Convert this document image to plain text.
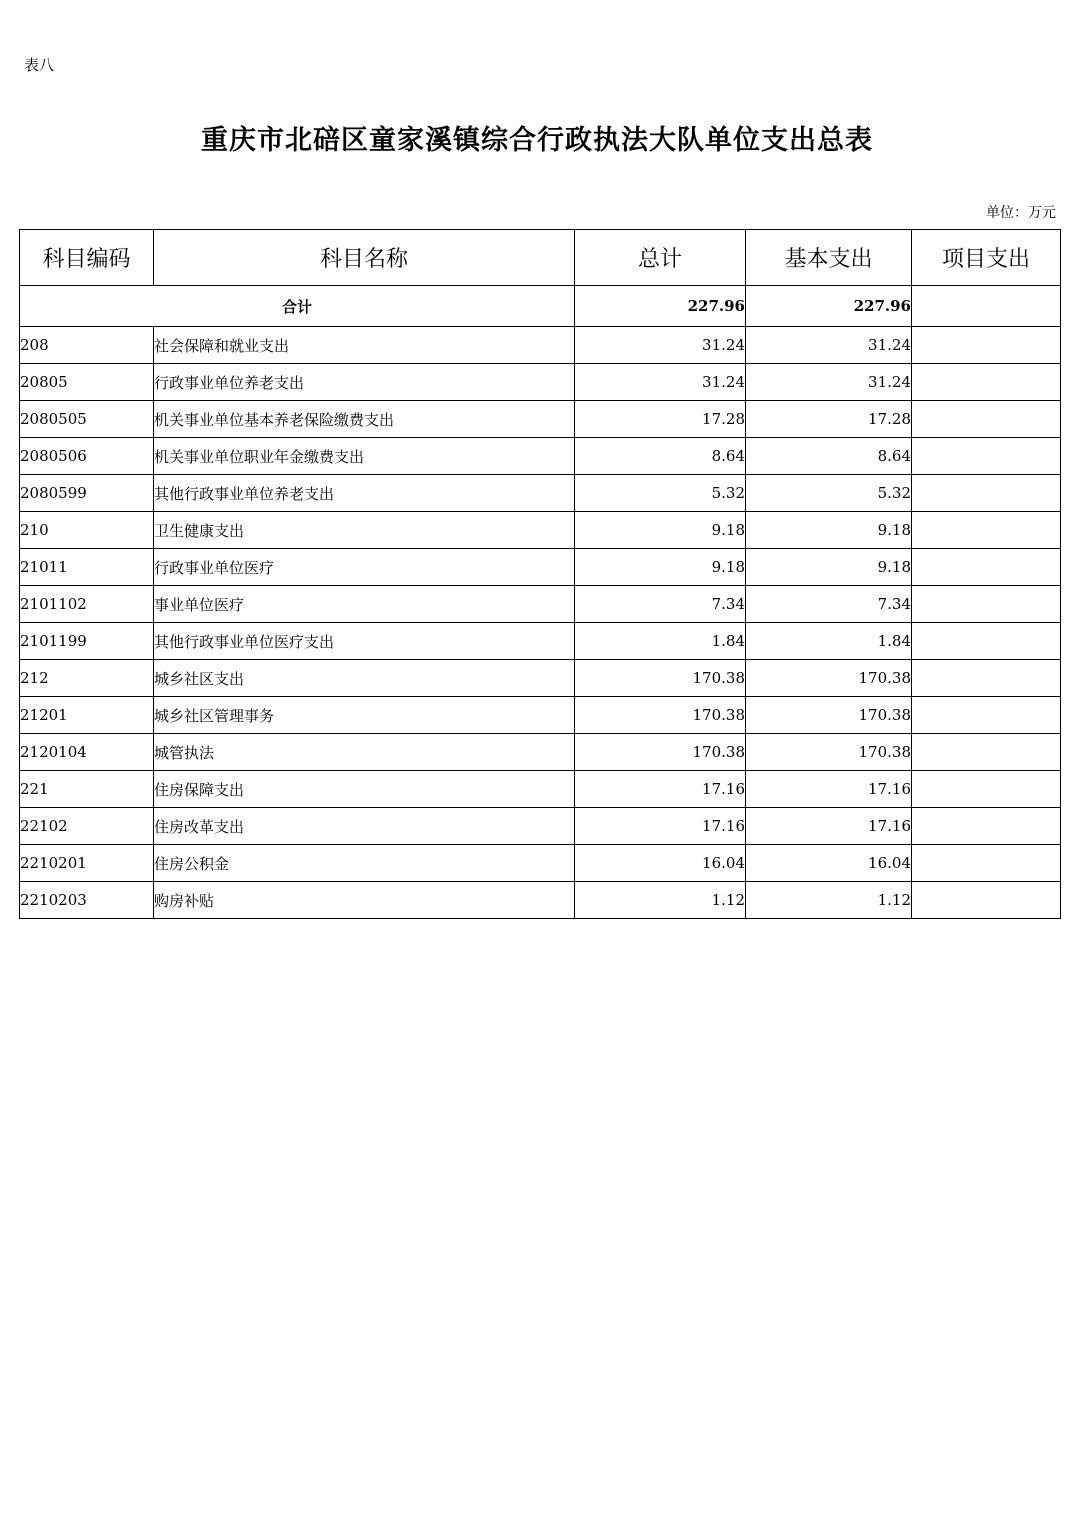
表八
重庆市北碚区童家溪镇综合行政执法大队单位支出总表
单位：万元
科目编码	科目名称	总计	基本支出	项目支出
合计		227.96	227.96	
208	社会保障和就业支出	31.24	31.24	
20805	行政事业单位养老支出	31.24	31.24	
2080505	机关事业单位基本养老保险缴费支出	17.28	17.28	
2080506	机关事业单位职业年金缴费支出	8.64	8.64	
2080599	其他行政事业单位养老支出	5.32	5.32	
210	卫生健康支出	9.18	9.18	
21011	行政事业单位医疗	9.18	9.18	
2101102	事业单位医疗	7.34	7.34	
2101199	其他行政事业单位医疗支出	1.84	1.84	
212	城乡社区支出	170.38	170.38	
21201	城乡社区管理事务	170.38	170.38	
2120104	城管执法	170.38	170.38	
221	住房保障支出	17.16	17.16	
22102	住房改革支出	17.16	17.16	
2210201	住房公积金	16.04	16.04	
2210203	购房补贴	1.12	1.12	
